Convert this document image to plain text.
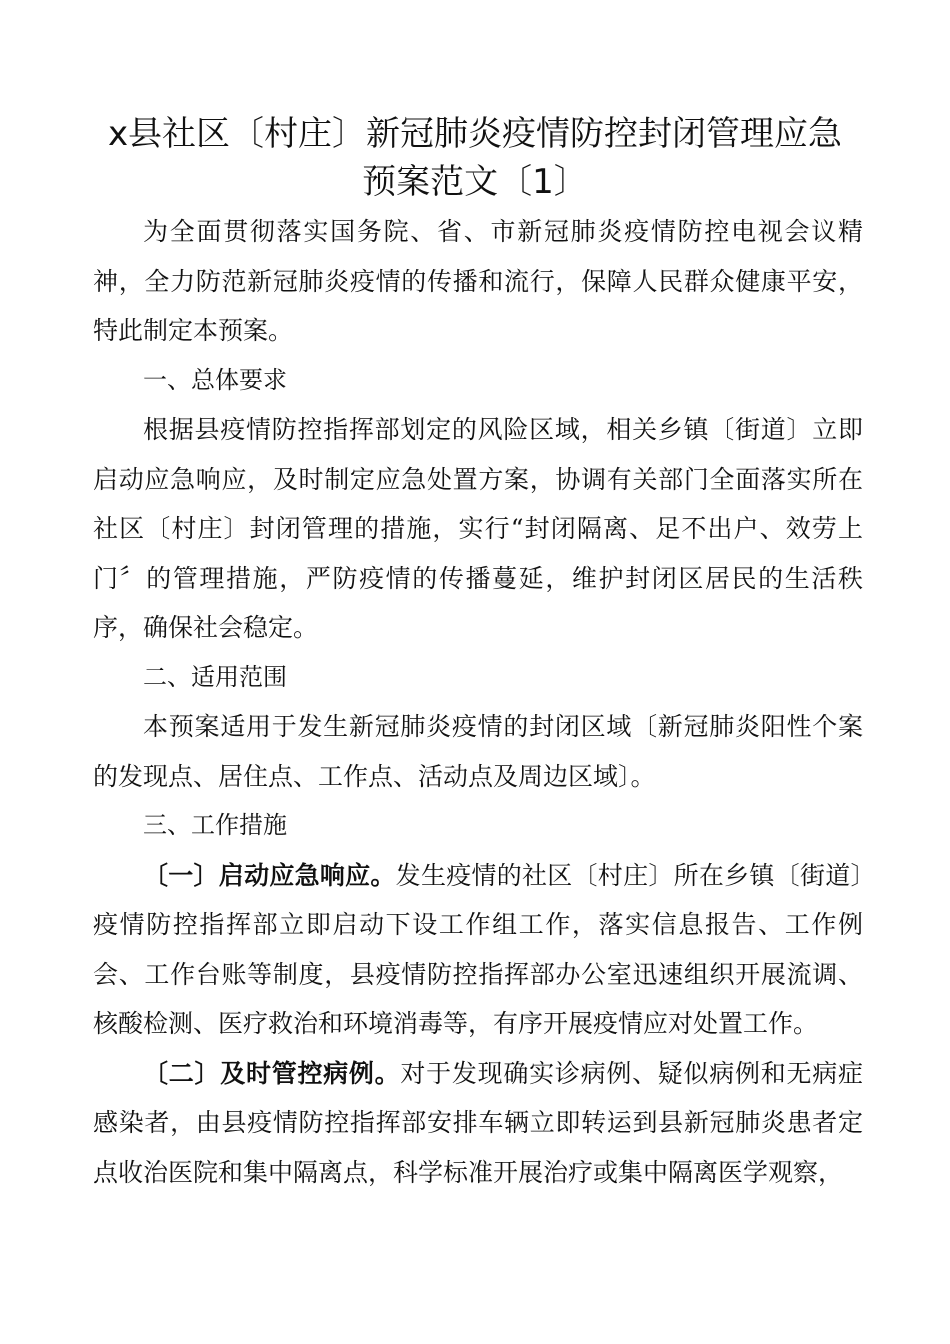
x县社区〔村庄〕新冠肺炎疫情防控封闭管理应急
预案范文〔1〕

为全面贯彻落实国务院、省、市新冠肺炎疫情防控电视会议精神，全力防范新冠肺炎疫情的传播和流行，保障人民群众健康平安，特此制定本预案。

一、总体要求

根据县疫情防控指挥部划定的风险区域，相关乡镇〔街道〕立即启动应急响应，及时制定应急处置方案，协调有关部门全面落实所在社区〔村庄〕封闭管理的措施，实行“封闭隔离、足不出户、效劳上门〞的管理措施，严防疫情的传播蔓延，维护封闭区居民的生活秩序，确保社会稳定。

二、适用范围

本预案适用于发生新冠肺炎疫情的封闭区域〔新冠肺炎阳性个案的发现点、居住点、工作点、活动点及周边区域〕。

三、工作措施

〔一〕启动应急响应。发生疫情的社区〔村庄〕所在乡镇〔街道〕疫情防控指挥部立即启动下设工作组工作，落实信息报告、工作例会、工作台账等制度，县疫情防控指挥部办公室迅速组织开展流调、核酸检测、医疗救治和环境消毒等，有序开展疫情应对处置工作。

〔二〕及时管控病例。对于发现确实诊病例、疑似病例和无病症感染者，由县疫情防控指挥部安排车辆立即转运到县新冠肺炎患者定点收治医院和集中隔离点，科学标准开展治疗或集中隔离医学观察，
